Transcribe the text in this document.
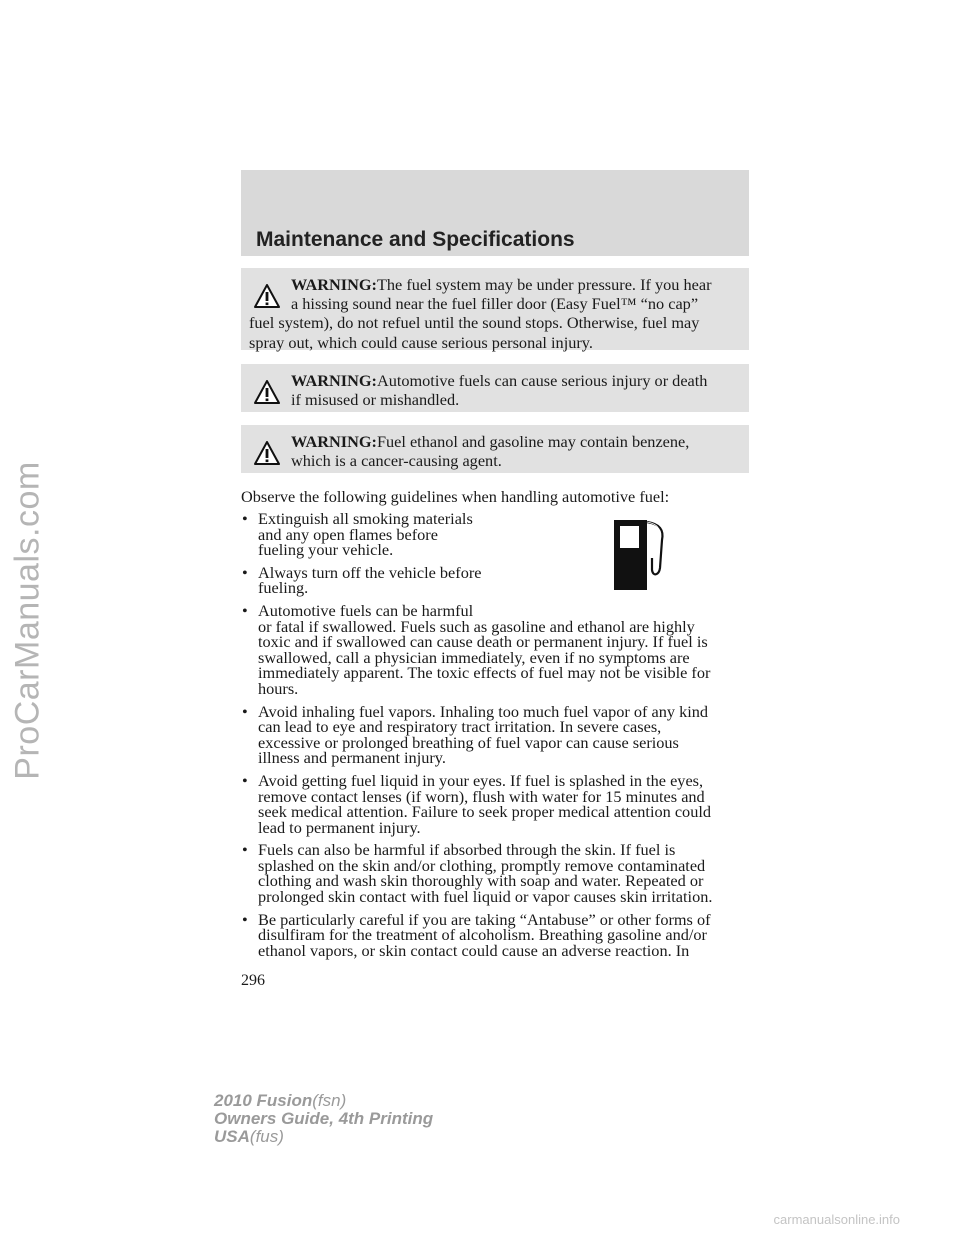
ProCarManuals.com
Maintenance and Specifications
WARNING:The fuel system may be under pressure. If you hear
a hissing sound near the fuel filler door (Easy Fuel™ “no cap”
fuel system), do not refuel until the sound stops. Otherwise, fuel may
spray out, which could cause serious personal injury.
WARNING:Automotive fuels can cause serious injury or death
if misused or mishandled.
WARNING:Fuel ethanol and gasoline may contain benzene,
which is a cancer-causing agent.
Observe the following guidelines when handling automotive fuel:
• Extinguish all smoking materials
and any open flames before
fueling your vehicle.
• Always turn off the vehicle before
fueling.
• Automotive fuels can be harmful
or fatal if swallowed. Fuels such as gasoline and ethanol are highly
toxic and if swallowed can cause death or permanent injury. If fuel is
swallowed, call a physician immediately, even if no symptoms are
immediately apparent. The toxic effects of fuel may not be visible for
hours.
• Avoid inhaling fuel vapors. Inhaling too much fuel vapor of any kind
can lead to eye and respiratory tract irritation. In severe cases,
excessive or prolonged breathing of fuel vapor can cause serious
illness and permanent injury.
• Avoid getting fuel liquid in your eyes. If fuel is splashed in the eyes,
remove contact lenses (if worn), flush with water for 15 minutes and
seek medical attention. Failure to seek proper medical attention could
lead to permanent injury.
• Fuels can also be harmful if absorbed through the skin. If fuel is
splashed on the skin and/or clothing, promptly remove contaminated
clothing and wash skin thoroughly with soap and water. Repeated or
prolonged skin contact with fuel liquid or vapor causes skin irritation.
• Be particularly careful if you are taking “Antabuse” or other forms of
disulfiram for the treatment of alcoholism. Breathing gasoline and/or
ethanol vapors, or skin contact could cause an adverse reaction. In
296
2010 Fusion(fsn)
Owners Guide, 4th Printing
USA(fus)
carmanualsonline.info
